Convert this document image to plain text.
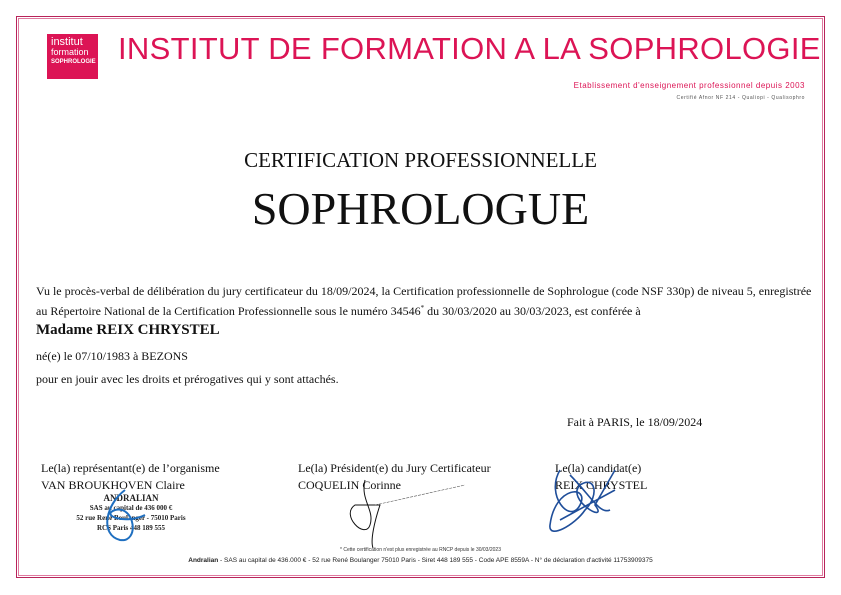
institut
formation
SOPHROLOGIE INSTITUT DE FORMATION A LA SOPHROLOGIE
Etablissement d'enseignement professionnel depuis 2003
Certifié Afnor NF 214 - Qualiopi - Qualisophro
CERTIFICATION PROFESSIONNELLE
SOPHROLOGUE
Vu le procès-verbal de délibération du jury certificateur du 18/09/2024, la Certification professionnelle de Sophrologue (code NSF 330p) de niveau 5, enregistrée au Répertoire National de la Certification Professionnelle sous le numéro 34546* du 30/03/2020 au 30/03/2023, est conférée à
Madame REIX CHRYSTEL
né(e) le 07/10/1983 à BEZONS
pour en jouir avec les droits et prérogatives qui y sont attachés.
Fait à PARIS, le 18/09/2024
Le(la) représentant(e) de l’organisme
VAN BROUKHOVEN Claire
Le(la) Président(e) du Jury Certificateur
COQUELIN Corinne
Le(la) candidat(e)
REIX CHRYSTEL
ANDRALIAN
SAS au capital de 436 000 €
52 rue René Boulanger - 75010 Paris
RCS Paris 448 189 555
* Cette certification n'est plus enregistrée au RNCP depuis le 30/03/2023
Andralian - SAS au capital de 436.000 € - 52 rue René Boulanger 75010 Paris - Siret 448 189 555 - Code APE 8559A - N° de déclaration d'activité 11753909375
